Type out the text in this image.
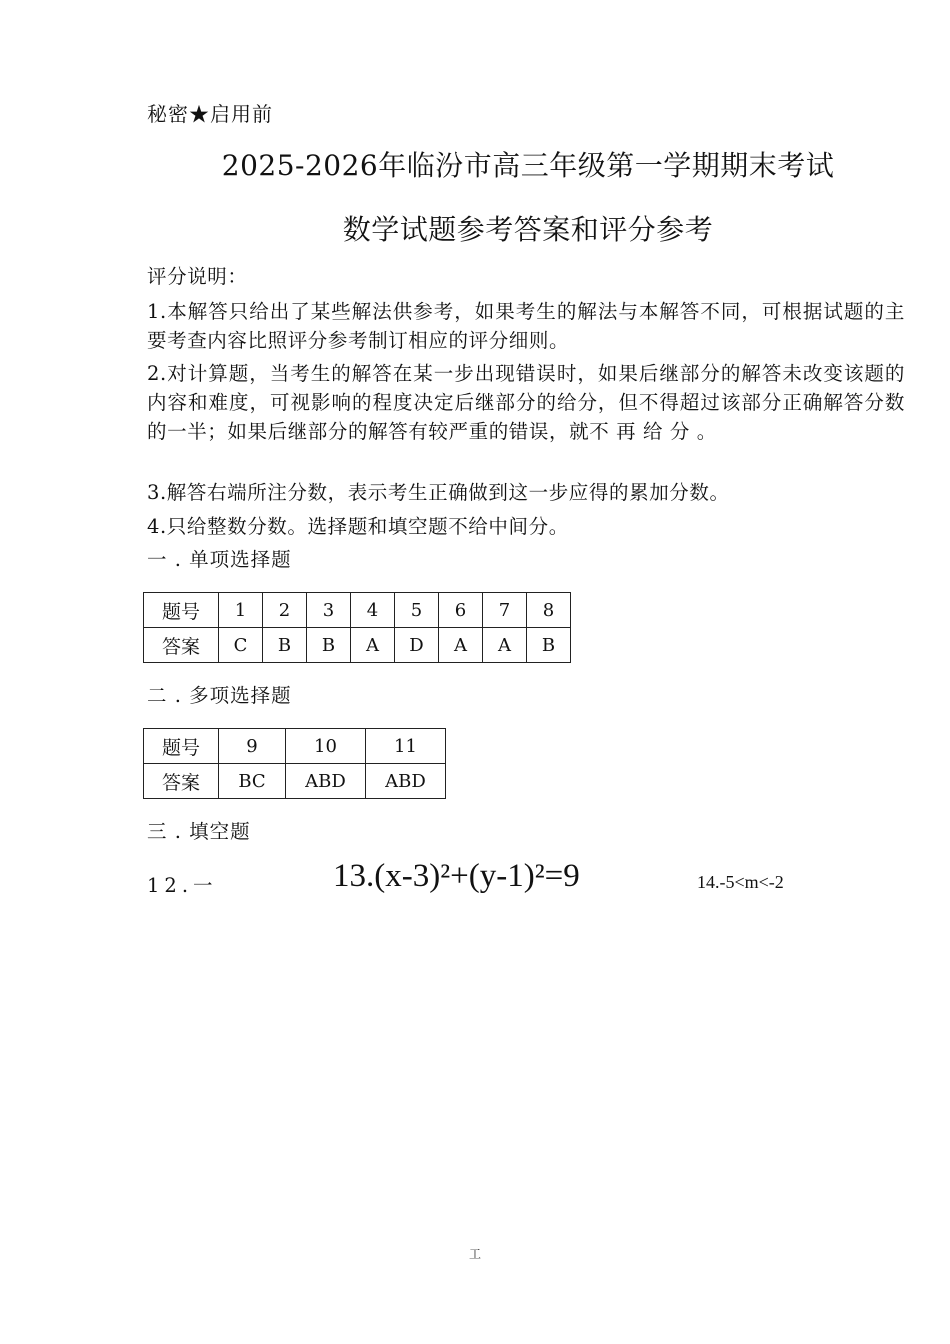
秘密★启用前
2025-2026年临汾市高三年级第一学期期末考试
数学试题参考答案和评分参考
评分说明：
1.本解答只给出了某些解法供参考，如果考生的解法与本解答不同，可根据试题的主要考查内容比照评分参考制订相应的评分细则。
2.对计算题，当考生的解答在某一步出现错误时，如果后继部分的解答未改变该题的内容和难度，可视影响的程度决定后继部分的给分，但不得超过该部分正确解答分数的一半；如果后继部分的解答有较严重的错误，就不 再 给 分 。
3.解答右端所注分数，表示考生正确做到这一步应得的累加分数。
4.只给整数分数。选择题和填空题不给中间分。
一 . 单项选择题
题号	1	2	3	4	5	6	7	8
答案	C	B	B	A	D	A	A	B
二 . 多项选择题
题号	9	10	11
答案	BC	ABD	ABD
三 . 填空题
12.一	13.(x-3)²+(y-1)²=9	14.-5<m<-2
工
